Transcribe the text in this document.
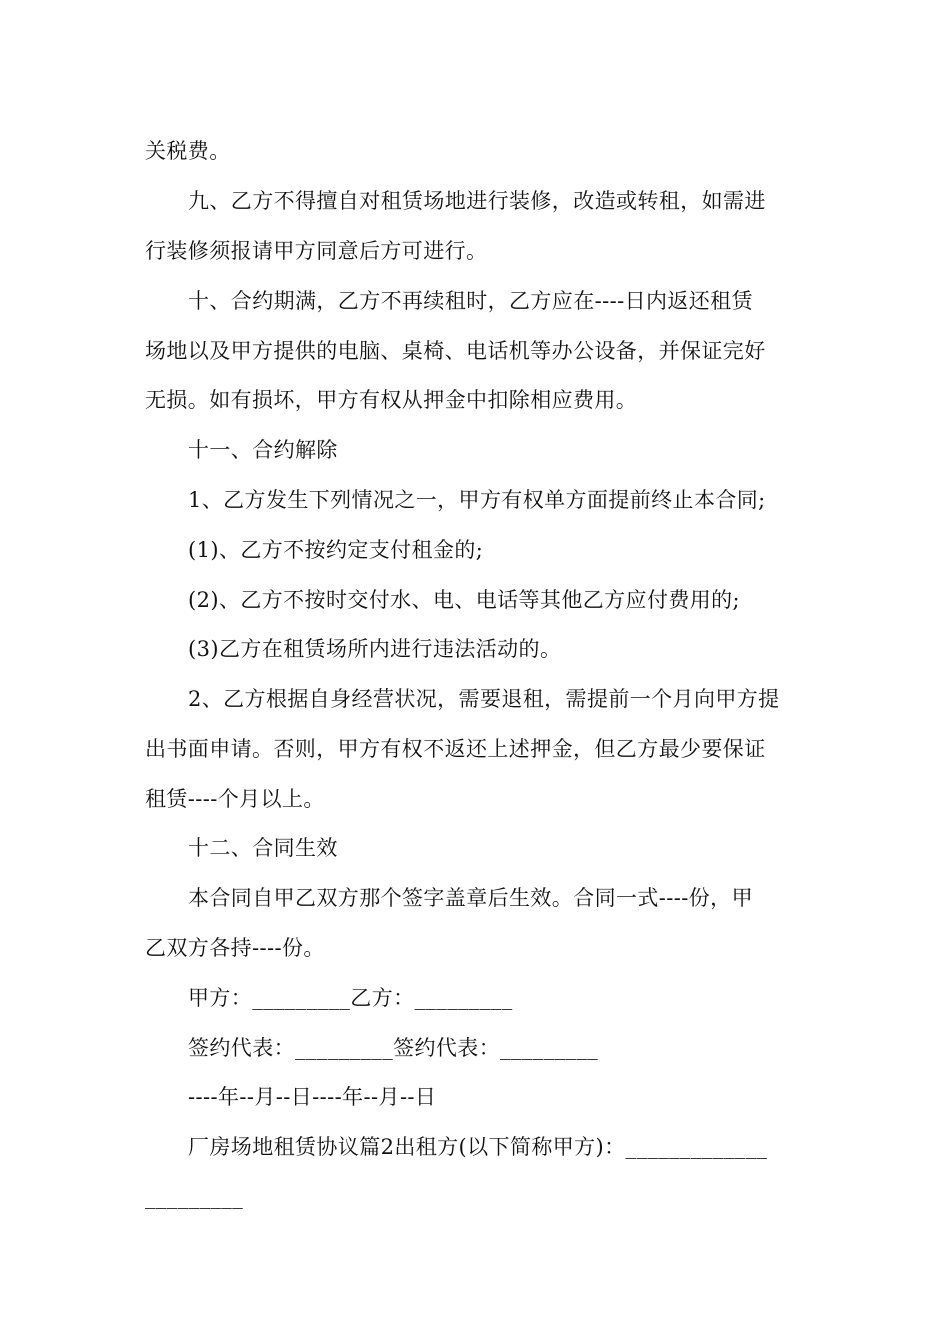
关税费。
九、乙方不得擅自对租赁场地进行装修，改造或转租，如需进
行装修须报请甲方同意后方可进行。
十、合约期满，乙方不再续租时，乙方应在----日内返还租赁
场地以及甲方提供的电脑、桌椅、电话机等办公设备，并保证完好
无损。如有损坏，甲方有权从押金中扣除相应费用。
十一、合约解除
1、乙方发生下列情况之一，甲方有权单方面提前终止本合同;
(1)、乙方不按约定支付租金的;
(2)、乙方不按时交付水、电、电话等其他乙方应付费用的;
(3)乙方在租赁场所内进行违法活动的。
2、乙方根据自身经营状况，需要退租，需提前一个月向甲方提
出书面申请。否则，甲方有权不返还上述押金，但乙方最少要保证
租赁----个月以上。
十二、合同生效
本合同自甲乙双方那个签字盖章后生效。合同一式----份，甲
乙双方各持----份。
甲方：_________乙方：_________
签约代表：_________签约代表：_________
----年--月--日----年--月--日
厂房场地租赁协议篇2出租方(以下简称甲方)：_____________
_________
